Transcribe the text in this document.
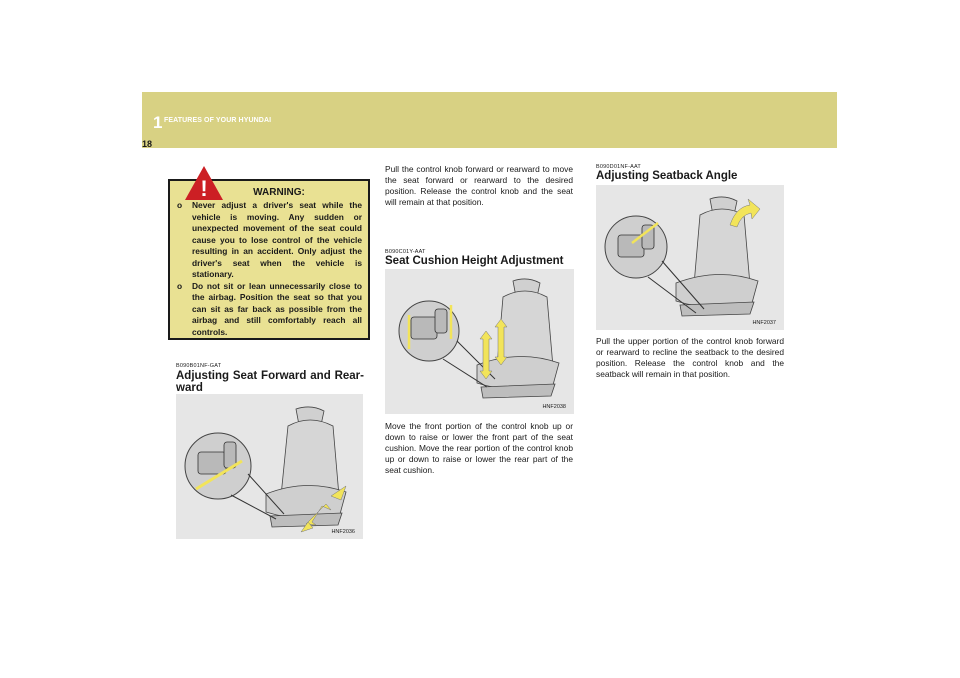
1 FEATURES OF YOUR HYUNDAI
18
!	WARNING:
o Never adjust a driver's seat while the vehicle is moving. Any sudden or unexpected movement of the seat could cause you to lose control of the vehicle resulting in an accident. Only adjust the driver's seat when the vehicle is stationary.
o Do not sit or lean unnecessarily close to the airbag. Position the seat so that you can sit as far back as possible from the airbag and still comfortably reach all controls.
B090B01NF-GAT
Adjusting Seat Forward and Rear-ward
HNF2036
Pull the control knob forward or rearward to move the seat forward or rearward to the desired position. Release the control knob and the seat will remain at that position.
B090C01Y-AAT
Seat Cushion Height Adjustment
HNF2038
Move the front portion of the control knob up or down to raise or lower the front part of the seat cushion. Move the rear portion of the control knob up or down to raise or lower the rear part of the seat cushion.
B090D01NF-AAT
Adjusting Seatback Angle
HNF2037
Pull the upper portion of the control knob forward or rearward to recline the seatback to the desired position. Release the control knob and the seatback will remain in that position.
